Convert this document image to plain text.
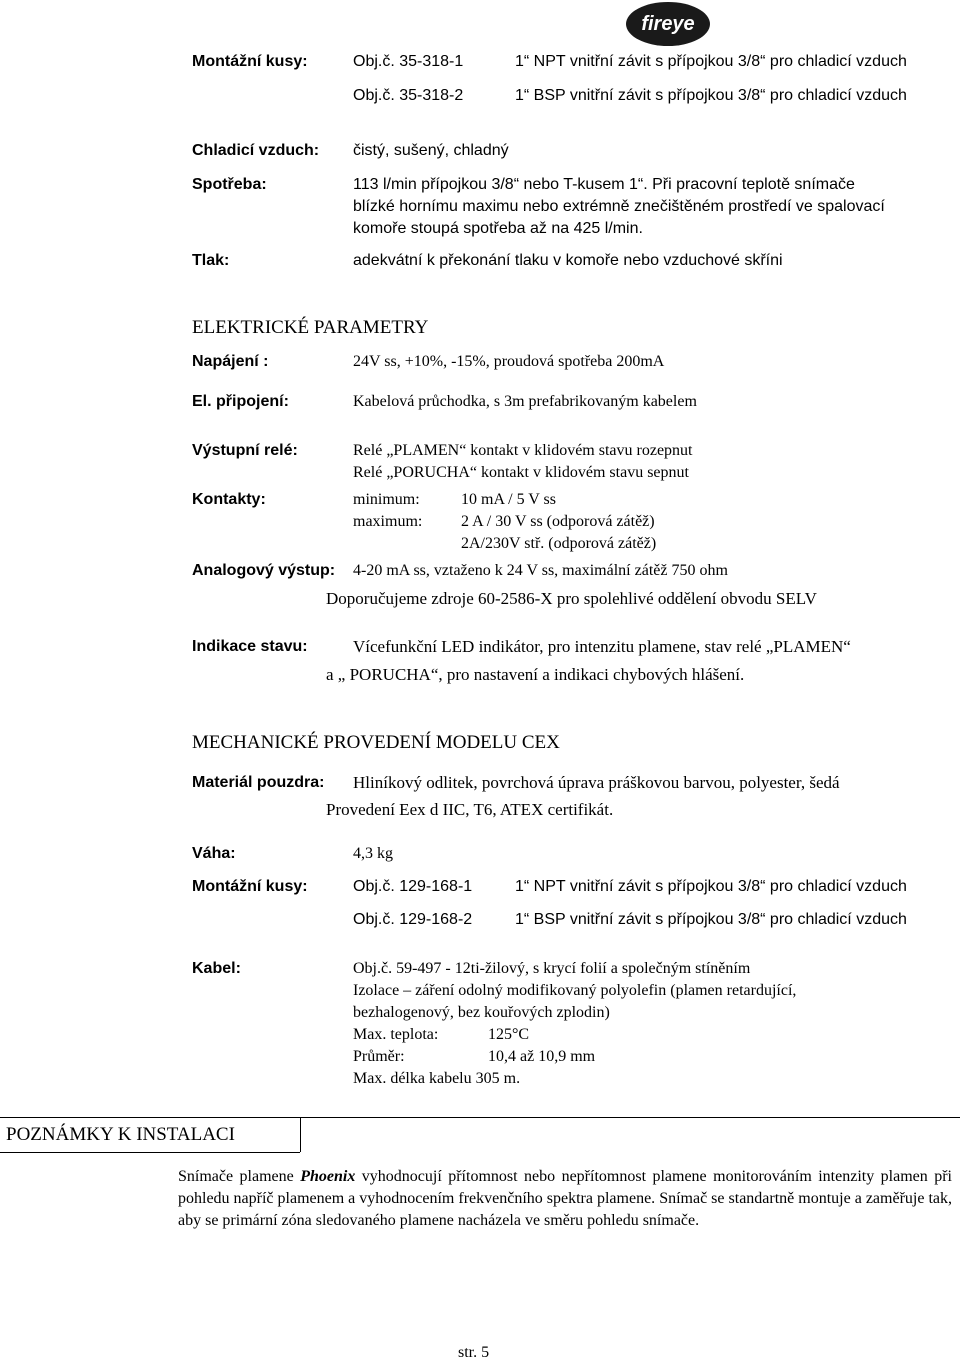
fireye
Montážní kusy:	Obj.č. 35-318-1	1“ NPT vnitřní závit s přípojkou 3/8“ pro chladicí vzduch
Obj.č. 35-318-2	1“ BSP vnitřní závit s přípojkou 3/8“ pro chladicí vzduch
Chladicí vzduch: čistý, sušený, chladný
Spotřeba:	113 l/min přípojkou 3/8“ nebo T-kusem 1“. Při pracovní teplotě snímače
blízké hornímu maximu nebo extrémně znečištěném prostředí ve spalovací
komoře stoupá spotřeba až na 425 l/min.
Tlak:	adekvátní k překonání tlaku v komoře nebo vzduchové skříni
ELEKTRICKÉ PARAMETRY
Napájení :	24V ss, +10%, -15%, proudová spotřeba 200mA
El. připojení:	Kabelová průchodka, s 3m prefabrikovaným kabelem
Výstupní relé:	Relé „PLAMEN“ kontakt v klidovém stavu rozepnut
Relé „PORUCHA“ kontakt v klidovém stavu sepnut
Kontakty:	minimum:	10 mA / 5 V ss
maximum: 2 A / 30 V ss (odporová zátěž)
2A/230V stř. (odporová zátěž)
Analogový výstup: 4-20 mA ss, vztaženo k 24 V ss, maximální zátěž 750 ohm
Doporučujeme zdroje 60-2586-X pro spolehlivé oddělení obvodu SELV
Indikace stavu:	Vícefunkční LED indikátor, pro intenzitu plamene, stav relé „PLAMEN“
a „ PORUCHA“, pro nastavení a indikaci chybových hlášení.
MECHANICKÉ PROVEDENÍ MODELU CEX
Materiál pouzdra: Hliníkový odlitek, povrchová úprava práškovou barvou, polyester, šedá
Provedení Eex d IIC, T6, ATEX certifikát.
Váha:	4,3 kg
Montážní kusy:	Obj.č. 129-168-1	1“ NPT vnitřní závit s přípojkou 3/8“ pro chladicí vzduch
Obj.č. 129-168-2	1“ BSP vnitřní závit s přípojkou 3/8“ pro chladicí vzduch
Kabel:	Obj.č. 59-497 - 12ti-žilový, s krycí folií a společným stíněním
Izolace – záření odolný modifikovaný polyolefin (plamen retardující,
bezhalogenový, bez kouřových zplodin)
Max. teplota:	125°C
Průměr:	10,4 až 10,9 mm
Max. délka kabelu 305 m.
POZNÁMKY K INSTALACI
Snímače plamene Phoenix vyhodnocují přítomnost nebo nepřítomnost plamene monitorováním intenzity plamen při pohledu napříč plamenem a vyhodnocením frekvenčního spektra plamene. Snímač se standartně montuje a zaměřuje tak, aby se primární zóna sledovaného plamene nacházela ve směru pohledu snímače.
str. 5
